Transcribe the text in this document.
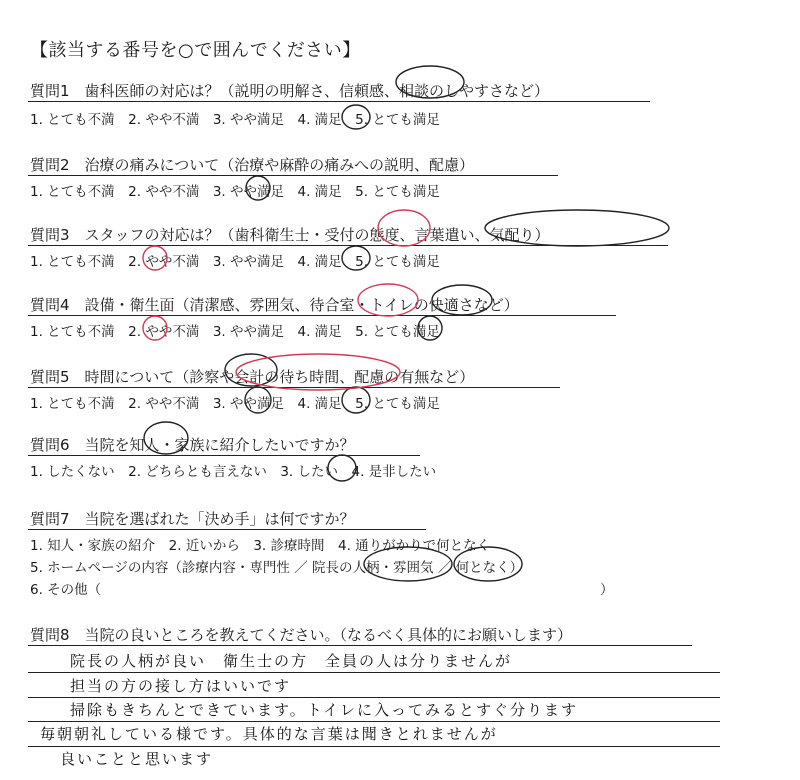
【該当する番号を○で囲んでください】
質問1　歯科医師の対応は？（説明の明解さ、信頼感、相談のしやすさなど）
1. とても不満　2. やや不満　3. やや満足　4. 満足　5. とても満足
質問2　治療の痛みについて（治療や麻酔の痛みへの説明、配慮）
1. とても不満　2. やや不満　3. やや満足　4. 満足　5. とても満足
質問3　スタッフの対応は？（歯科衛生士・受付の態度、言葉遣い、気配り）
1. とても不満　2. やや不満　3. やや満足　4. 満足　5. とても満足
質問4　設備・衛生面（清潔感、雰囲気、待合室・トイレの快適さなど）
1. とても不満　2. やや不満　3. やや満足　4. 満足　5. とても満足
質問5　時間について（診察や会計の待ち時間、配慮の有無など）
1. とても不満　2. やや不満　3. やや満足　4. 満足　5. とても満足
質問6　当院を知人・家族に紹介したいですか？
1. したくない　2. どちらとも言えない　3. したい　4. 是非したい
質問7　当院を選ばれた「決め手」は何ですか？
1. 知人・家族の紹介　2. 近いから　3. 診療時間　4. 通りがかりで何となく
5. ホームページの内容（診療内容・専門性 ／ 院長の人柄・雰囲気 ／ 何となく）
6. その他（	）
質問8　当院の良いところを教えてください。（なるべく具体的にお願いします）
院長の人柄が良い　衛生士の方　全員の人は分りませんが
担当の方の接し方はいいです
掃除もきちんとできています。トイレに入ってみるとすぐ分ります
毎朝朝礼している様です。具体的な言葉は聞きとれませんが
良いことと思います
